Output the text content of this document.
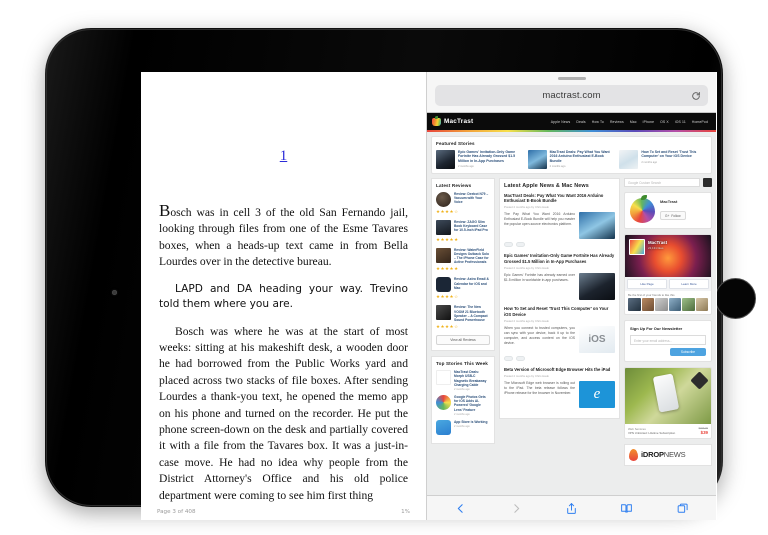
1

Bosch was in cell 3 of the old San Fernando jail, looking through files from one of the Esme Tavares boxes, when a heads-up text came in from Bella Lourdes over in the detective bureau.

LAPD and DA heading your way. Trevino told them where you are.

Bosch was where he was at the start of most weeks: sitting at his makeshift desk, a wooden door he had borrowed from the Public Works yard and placed across two stacks of file boxes. After sending Lourdes a thank-you text, he opened the memo app on his phone and turned on the recorder. He put the phone screen-down on the desk and partially covered it with a file from the Tavares box. It was a just-in-case move. He had no idea why people from the District Attorney's Office and his old police department were coming to see him first thing

Page 3 of 408	1%
mactrast.com
MacTrast	Apple News Deals How To Reviews Mac iPhone OS X iOS 11 HomePod
Featured Stories
Epic Games' Invitation-Only Game Fortnite Has Already Grossed $1.5 Million in In-App Purchases
2 months ago
MacTrast Deals: Pay What You Want 2016 Arduino Enthusiast E-Book Bundle
2 months ago
How To Set and Reset 'Trust This Computer' on Your iOS Device
2 months ago
Latest Reviews
Review: Deebot N79 – Vacuum with Your Voice
★★★★☆
Review: ZAGG Slim Book Keyboard Case for 10.5-inch iPad Pro
★★★★★
Review: WaterField Designs Outback Solo – The iPhone Case for Active Professionals
★★★★★
Review: Astro Email & Calendar for iOS and Mac
★★★★☆
Review: The New VOOM 21 Bluetooth Speaker – A Compact Sound Powerhouse
★★★★☆
View all Reviews
Top Stories This Week
MacTrast Deals: Morph USB-C Magnetic Breakaway Charging Cable
2 months ago
Google Photos Gets for iOS Adds AI-Powered 'Google Lens' Feature
2 months ago
App Store is Working
2 months ago
Latest Apple News & Mac News
MacTrast Deals: Pay What You Want 2016 Arduino Enthusiast E-Book Bundle
Posted 2 months ago by Chris Hauk
The Pay What You Want 2016 Arduino Enthusiast E-Book Bundle will help you master the popular open-source electronics platform.
Epic Games' Invitation-Only Game Fortnite Has Already Grossed $1.5 Million in In-App Purchases
Posted 2 months ago by Chris Hauk
Epic Games' Fortnite has already earned over $1.5 million in worldwide in-app purchases.
How To Set and Reset 'Trust This Computer' on Your iOS Device
Posted 2 months ago by Chris Hauk
When you connect to trusted computers, you can sync with your device, back it up to the computer, and access content on the iOS device.	iOS
Beta Version of Microsoft Edge Browser Hits the iPad
Posted 2 months ago by Chris Hauk
The Microsoft Edge web browser is rolling out to the iPad. The beta release follows the iPhone release for the browser in November.	e
Google Custom Search
MacTrast
G+ Follow
MacTrast
22,131 likes
Like Page	Learn More
Be the first of your friends to like this
Sign Up For Our Newsletter
Enter your email address...
Subscribe
Web Services
VPN Unlimited: Lifetime Subscription
$499.00
$39
iDROPNEWS
